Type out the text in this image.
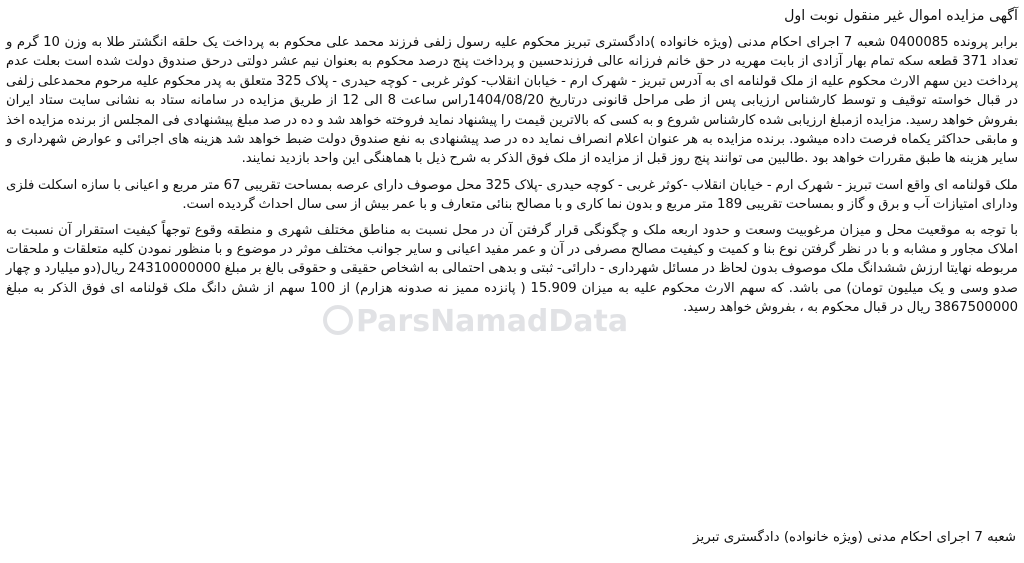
ParsNamadData
آگهی مزایده اموال غیر منقول نوبت اول
برابر پرونده 0400085 شعبه 7 اجرای احکام مدنی (ویژه خانواده )دادگستری تبریز محکوم علیه رسول زلفی فرزند محمد علی محکوم به پرداخت یک حلقه انگشتر طلا به وزن 10 گرم و تعداد 371 قطعه سکه تمام بهار آزادی از بابت مهریه در حق خانم فرزانه عالی فرزندحسین و پرداخت پنج درصد محکوم به بعنوان نیم عشر دولتی درحق صندوق دولت شده است بعلت عدم پرداخت دین سهم الارث محکوم علیه از ملک قولنامه ای به آدرس تبریز - شهرک ارم - خیابان انقلاب- کوثر غربی - کوچه حیدری - پلاک 325 متعلق به پدر محکوم علیه مرحوم محمدعلی زلفی در قبال خواسته توقیف و توسط کارشناس ارزیابی پس از طی مراحل قانونی درتاریخ 1404/08/20راس ساعت 8 الی 12 از طریق مزایده در سامانه ستاد به نشانی سایت ستاد ایران بفروش خواهد رسید. مزایده ازمبلغ ارزیابی شده کارشناس شروع و به کسی که بالاترین قیمت را پیشنهاد نماید فروخته خواهد شد و ده در صد مبلغ پیشنهادی فی المجلس از برنده مزایده اخذ و مابقی حداکثر یکماه فرصت داده میشود. برنده مزایده به هر عنوان اعلام انصراف نماید ده در صد پیشنهادی به نفع صندوق دولت ضبط خواهد شد هزینه های اجرائی و عوارض شهرداری و سایر هزینه ها طبق مقررات خواهد بود .طالبین می توانند پنج روز قبل از مزایده از ملک فوق الذکر به شرح ذیل با هماهنگی این واحد بازدید نمایند.
ملک قولنامه ای واقع است تبریز - شهرک ارم - خیابان انقلاب -کوثر غربی - کوچه حیدری -پلاک 325 محل موصوف دارای عرصه بمساحت تقریبی 67 متر مربع و اعیانی با سازه اسکلت فلزی ودارای امتیازات آب و برق و گاز و بمساحت تقریبی 189 متر مربع و بدون نما کاری و با مصالح بنائی متعارف و با عمر بیش از سی سال احداث گردیده است.
با توجه به موقعیت محل و میزان مرغوبیت وسعت و حدود اربعه ملک و چگونگی قرار گرفتن آن در محل نسبت به مناطق مختلف شهری و منطقه وقوع توجهاً کیفیت استقرار آن نسبت به املاک مجاور و مشابه و با در نظر گرفتن نوع بنا و کمیت و کیفیت مصالح مصرفی در آن و عمر مفید اعیانی و سایر جوانب مختلف موثر در موضوع و با منظور نمودن کلیه متعلقات و ملحقات مربوطه نهایتا ارزش ششدانگ ملک موصوف بدون لحاظ در مسائل شهرداری - دارائی- ثبتی و بدهی احتمالی به اشخاص حقیقی و حقوقی بالغ بر مبلغ 24310000000 ریال(دو میلیارد و چهار صدو وسی و یک میلیون تومان) می باشد. که سهم الارث محکوم علیه به میزان 15.909 ( پانزده ممیز نه صدونه هزارم) از 100 سهم از شش دانگ ملک قولنامه ای فوق الذکر به مبلغ 3867500000 ریال در قبال محکوم به ، بفروش خواهد رسید.
شعبه 7 اجرای احکام مدنی (ویژه خانواده) دادگستری تبریز
